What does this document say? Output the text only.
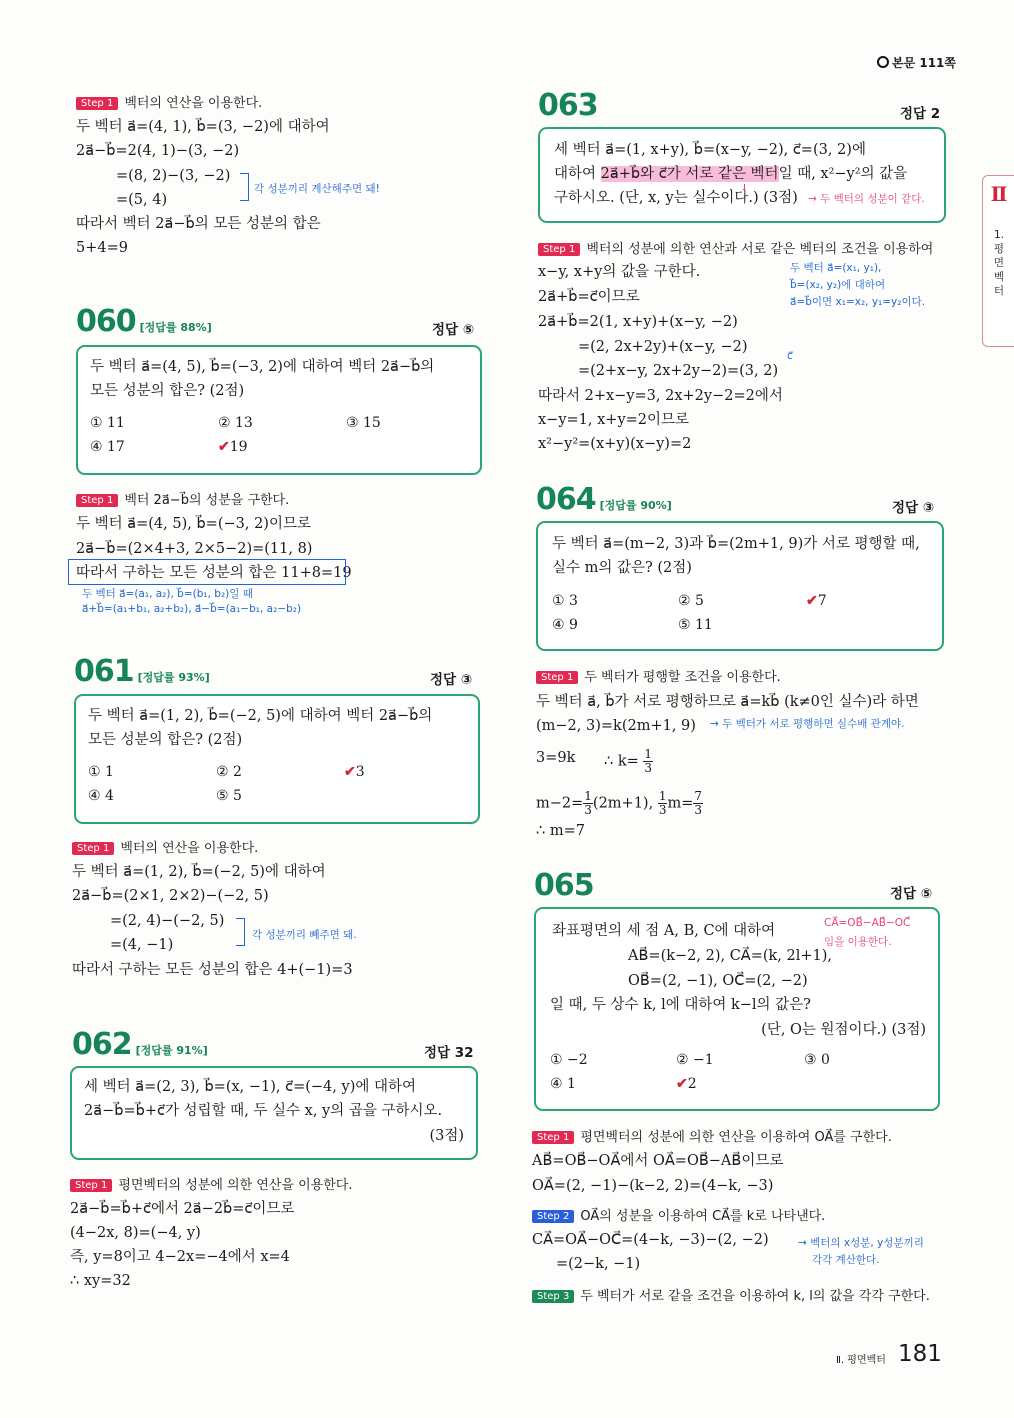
본문 111쪽
Ⅱ
1. 평면벡터
Step 1 벡터의 연산을 이용한다.
두 벡터 a⃗=(4, 1), b⃗=(3, −2)에 대하여
2a⃗−b⃗=2(4, 1)−(3, −2)
=(8, 2)−(3, −2)
=(5, 4)
각 성분끼리 계산해주면 돼!
따라서 벡터 2a⃗−b⃗의 모든 성분의 합은
5+4=9
060 [정답률 88%]	정답 ⑤
두 벡터 a⃗=(4, 5), b⃗=(−3, 2)에 대하여 벡터 2a⃗−b⃗의
모든 성분의 합은? (2점)
① 11	② 13	③ 15
④ 17	✔19
Step 1 벡터 2a⃗−b⃗의 성분을 구한다.
두 벡터 a⃗=(4, 5), b⃗=(−3, 2)이므로
2a⃗−b⃗=(2×4+3, 2×5−2)=(11, 8)
따라서 구하는 모든 성분의 합은 11+8=19
두 벡터 a⃗=(a₁, a₂), b⃗=(b₁, b₂)일 때
a⃗+b⃗=(a₁+b₁, a₂+b₂), a⃗−b⃗=(a₁−b₁, a₂−b₂)
061 [정답률 93%]	정답 ③
두 벡터 a⃗=(1, 2), b⃗=(−2, 5)에 대하여 벡터 2a⃗−b⃗의
모든 성분의 합은? (2점)
① 1	② 2	✔3
④ 4	⑤ 5
Step 1 벡터의 연산을 이용한다.
두 벡터 a⃗=(1, 2), b⃗=(−2, 5)에 대하여
2a⃗−b⃗=(2×1, 2×2)−(−2, 5)
=(2, 4)−(−2, 5)
=(4, −1)
각 성분끼리 빼주면 돼.
따라서 구하는 모든 성분의 합은 4+(−1)=3
062 [정답률 91%]	정답 32
세 벡터 a⃗=(2, 3), b⃗=(x, −1), c⃗=(−4, y)에 대하여
2a⃗−b⃗=b⃗+c⃗가 성립할 때, 두 실수 x, y의 곱을 구하시오.
(3점)
Step 1 평면벡터의 성분에 의한 연산을 이용한다.
2a⃗−b⃗=b⃗+c⃗에서 2a⃗−2b⃗=c⃗이므로
(4−2x, 8)=(−4, y)
즉, y=8이고 4−2x=−4에서 x=4
∴ xy=32
063	정답 2
세 벡터 a⃗=(1, x+y), b⃗=(x−y, −2), c⃗=(3, 2)에
대하여 2a⃗+b⃗와 c⃗가 서로 같은 벡터일 때, x²−y²의 값을
구하시오. (단, x, y는 실수이다.) (3점) → 두 벡터의 성분이 같다.
Step 1 벡터의 성분에 의한 연산과 서로 같은 벡터의 조건을 이용하여
x−y, x+y의 값을 구한다.	두 벡터 a⃗=(x₁, y₁),
b⃗=(x₂, y₂)에 대하여
a⃗=b⃗이면 x₁=x₂, y₁=y₂이다.
2a⃗+b⃗=c⃗이므로
2a⃗+b⃗=2(1, x+y)+(x−y, −2)
=(2, 2x+2y)+(x−y, −2)
c⃗
=(2+x−y, 2x+2y−2)=(3, 2)
따라서 2+x−y=3, 2x+2y−2=2에서
x−y=1, x+y=2이므로
x²−y²=(x+y)(x−y)=2
064 [정답률 90%]	정답 ③
두 벡터 a⃗=(m−2, 3)과 b⃗=(2m+1, 9)가 서로 평행할 때,
실수 m의 값은? (2점)
① 3	② 5	✔7
④ 9	⑤ 11
Step 1 두 벡터가 평행할 조건을 이용한다.
두 벡터 a⃗, b⃗가 서로 평행하므로 a⃗=kb⃗ (k≠0인 실수)라 하면
(m−2, 3)=k(2m+1, 9) → 두 벡터가 서로 평행하면 실수배 관계야.
3=9k ∴ $k= \frac{1}{3}$
$m-2= \frac{1}{3} (2m+1)$, $\frac{1}{3} m= \frac{7}{3}$
∴ m=7
065	정답 ⑤
좌표평면의 세 점 A, B, C에 대하여	CA⃗=OB⃗−AB⃗−OC⃗
임을 이용한다.
AB⃗=(k−2, 2), CA⃗=(k, 2l+1),
OB⃗=(2, −1), OC⃗=(2, −2)
일 때, 두 상수 k, l에 대하여 k−l의 값은?
(단, O는 원점이다.) (3점)
① −2	② −1	③ 0
④ 1	✔2
Step 1 평면벡터의 성분에 의한 연산을 이용하여 OA⃗를 구한다.
AB⃗=OB⃗−OA⃗에서 OA⃗=OB⃗−AB⃗이므로
OA⃗=(2, −1)−(k−2, 2)=(4−k, −3)
Step 2 OA⃗의 성분을 이용하여 CA⃗를 k로 나타낸다.
CA⃗=OA⃗−OC⃗=(4−k, −3)−(2, −2)
=(2−k, −1)
→ 벡터의 x성분, y성분끼리
각각 계산한다.
Step 3 두 벡터가 서로 같을 조건을 이용하여 k, l의 값을 각각 구한다.
Ⅱ. 평면벡터 181
